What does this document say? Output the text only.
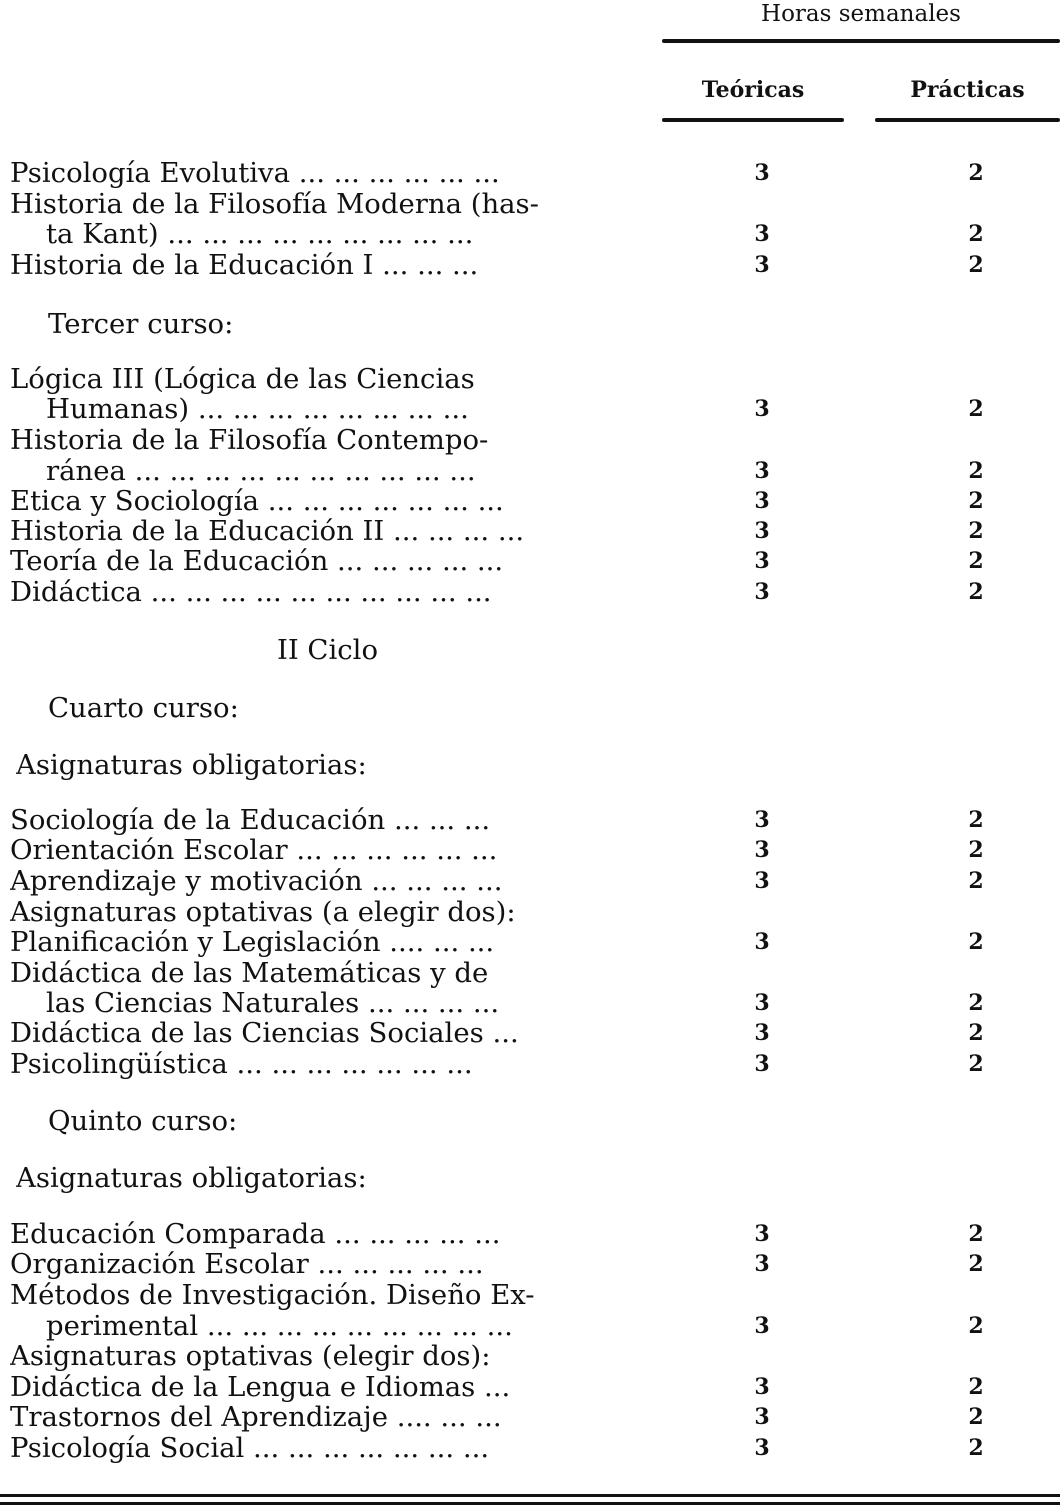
Horas semanales
Teóricas	Prácticas
Psicología Evolutiva ... ... ... ... ... ...	3	2
Historia de la Filosofía Moderna (has-
ta Kant) ... ... ... ... ... ... ... ... ...	3	2
Historia de la Educación I ... ... ...	3	2
Tercer curso:
Lógica III (Lógica de las Ciencias
Humanas) ... ... ... ... ... ... ... ...	3	2
Historia de la Filosofía Contempo-
ránea ... ... ... ... ... ... ... ... ... ...	3	2
Etica y Sociología ... ... ... ... ... ... ...	3	2
Historia de la Educación II ... ... ... ...	3	2
Teoría de la Educación ... ... ... ... ...	3	2
Didáctica ... ... ... ... ... ... ... ... ... ...	3	2
II Ciclo
Cuarto curso:
Asignaturas obligatorias:
Sociología de la Educación ... ... ...	3	2
Orientación Escolar ... ... ... ... ... ...	3	2
Aprendizaje y motivación ... ... ... ...	3	2
Asignaturas optativas (a elegir dos):
Planificación y Legislación .... ... ...	3	2
Didáctica de las Matemáticas y de
las Ciencias Naturales ... ... ... ...	3	2
Didáctica de las Ciencias Sociales ...	3	2
Psicolingüística ... ... ... ... ... ... ...	3	2
Quinto curso:
Asignaturas obligatorias:
Educación Comparada ... ... ... ... ...	3	2
Organización Escolar ... ... ... ... ...	3	2
Métodos de Investigación. Diseño Ex-
perimental ... ... ... ... ... ... ... ... ...	3	2
Asignaturas optativas (elegir dos):
Didáctica de la Lengua e Idiomas ...	3	2
Trastornos del Aprendizaje .... ... ...	3	2
Psicología Social ... ... ... ... ... ... ...	3	2
